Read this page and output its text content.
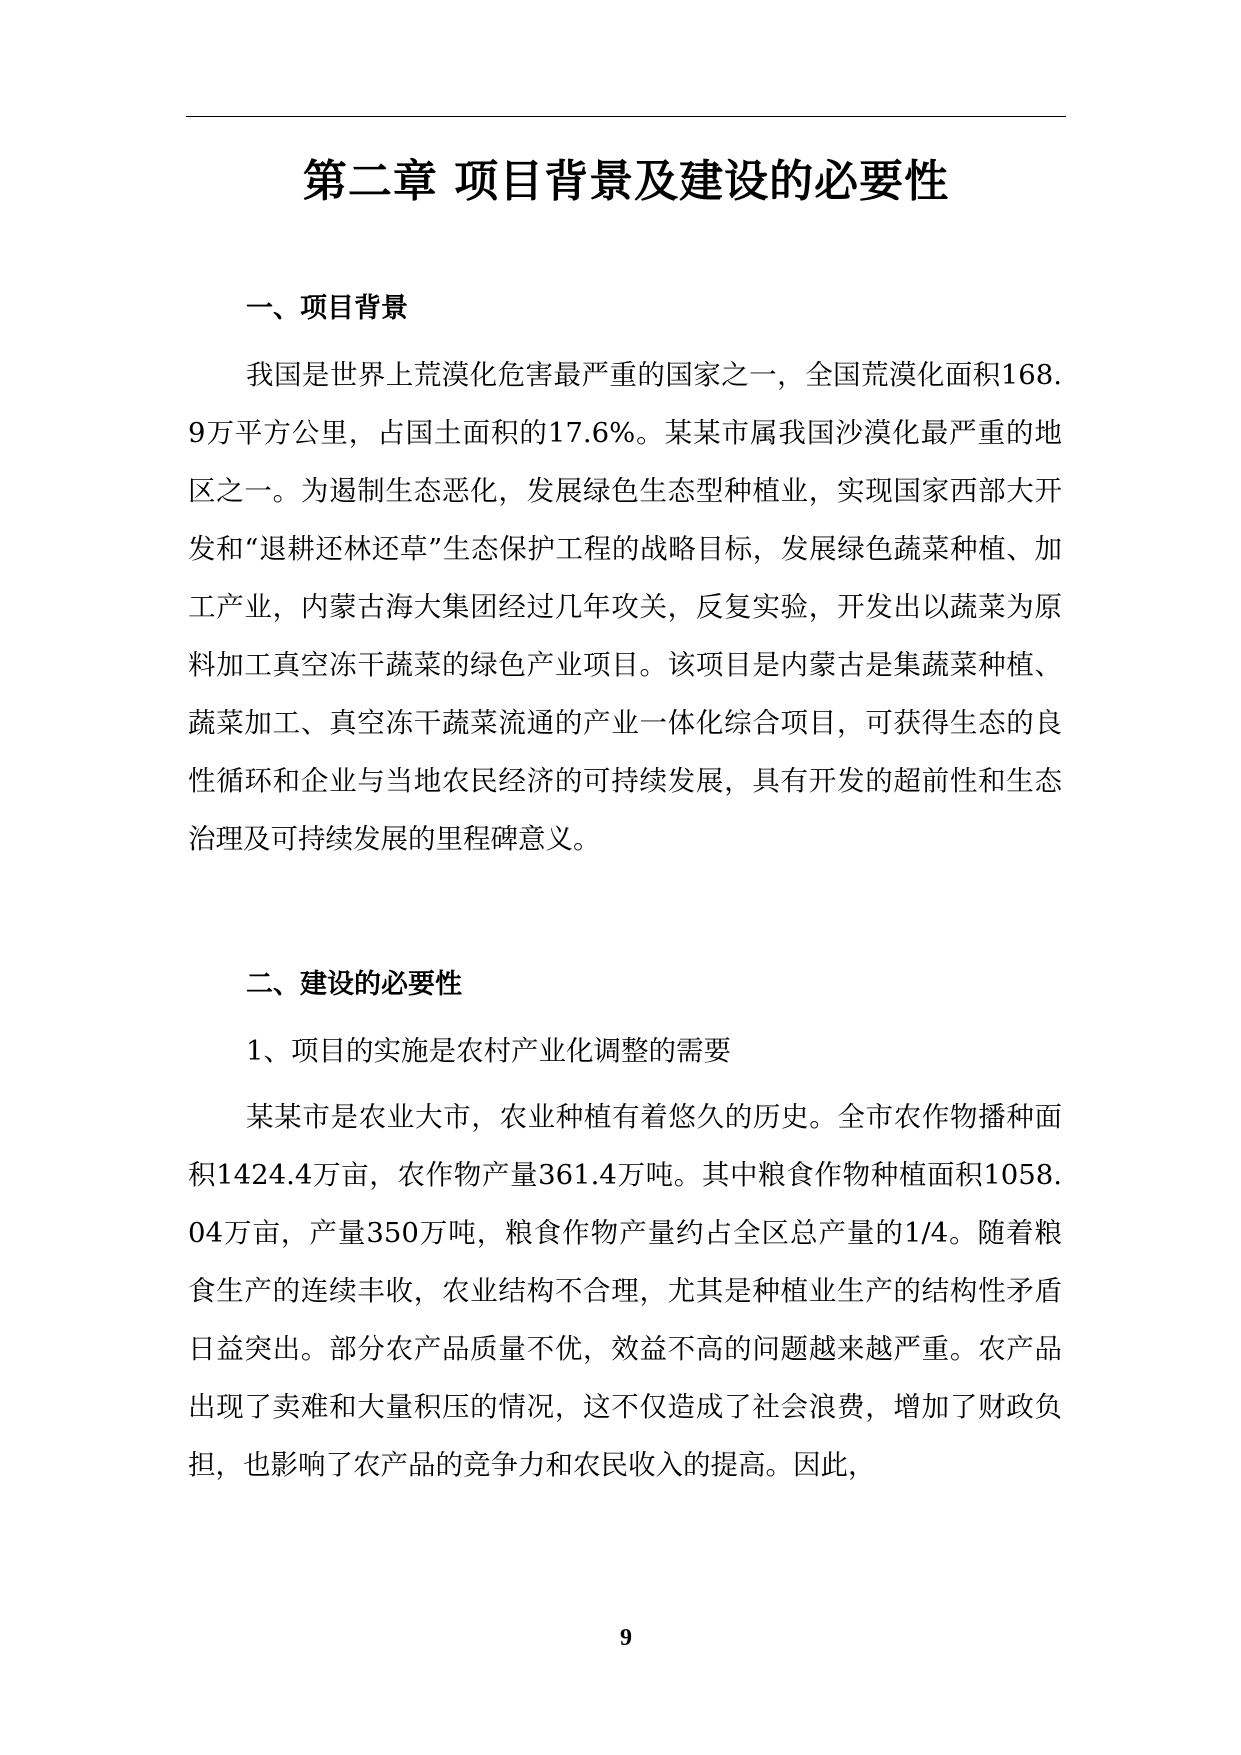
第二章 项目背景及建设的必要性
一、项目背景

我国是世界上荒漠化危害最严重的国家之一，全国荒漠化面积168.9万平方公里，占国土面积的17.6%。某某市属我国沙漠化最严重的地区之一。为遏制生态恶化，发展绿色生态型种植业，实现国家西部大开发和“退耕还林还草”生态保护工程的战略目标，发展绿色蔬菜种植、加工产业，内蒙古海大集团经过几年攻关，反复实验，开发出以蔬菜为原料加工真空冻干蔬菜的绿色产业项目。该项目是内蒙古是集蔬菜种植、蔬菜加工、真空冻干蔬菜流通的产业一体化综合项目，可获得生态的良性循环和企业与当地农民经济的可持续发展，具有开发的超前性和生态治理及可持续发展的里程碑意义。

二、建设的必要性

1、项目的实施是农村产业化调整的需要

某某市是农业大市，农业种植有着悠久的历史。全市农作物播种面积1424.4万亩，农作物产量361.4万吨。其中粮食作物种植面积1058.04万亩，产量350万吨，粮食作物产量约占全区总产量的1/4。随着粮食生产的连续丰收，农业结构不合理，尤其是种植业生产的结构性矛盾日益突出。部分农产品质量不优，效益不高的问题越来越严重。农产品出现了卖难和大量积压的情况，这不仅造成了社会浪费，增加了财政负担，也影响了农产品的竞争力和农民收入的提高。因此，

9
